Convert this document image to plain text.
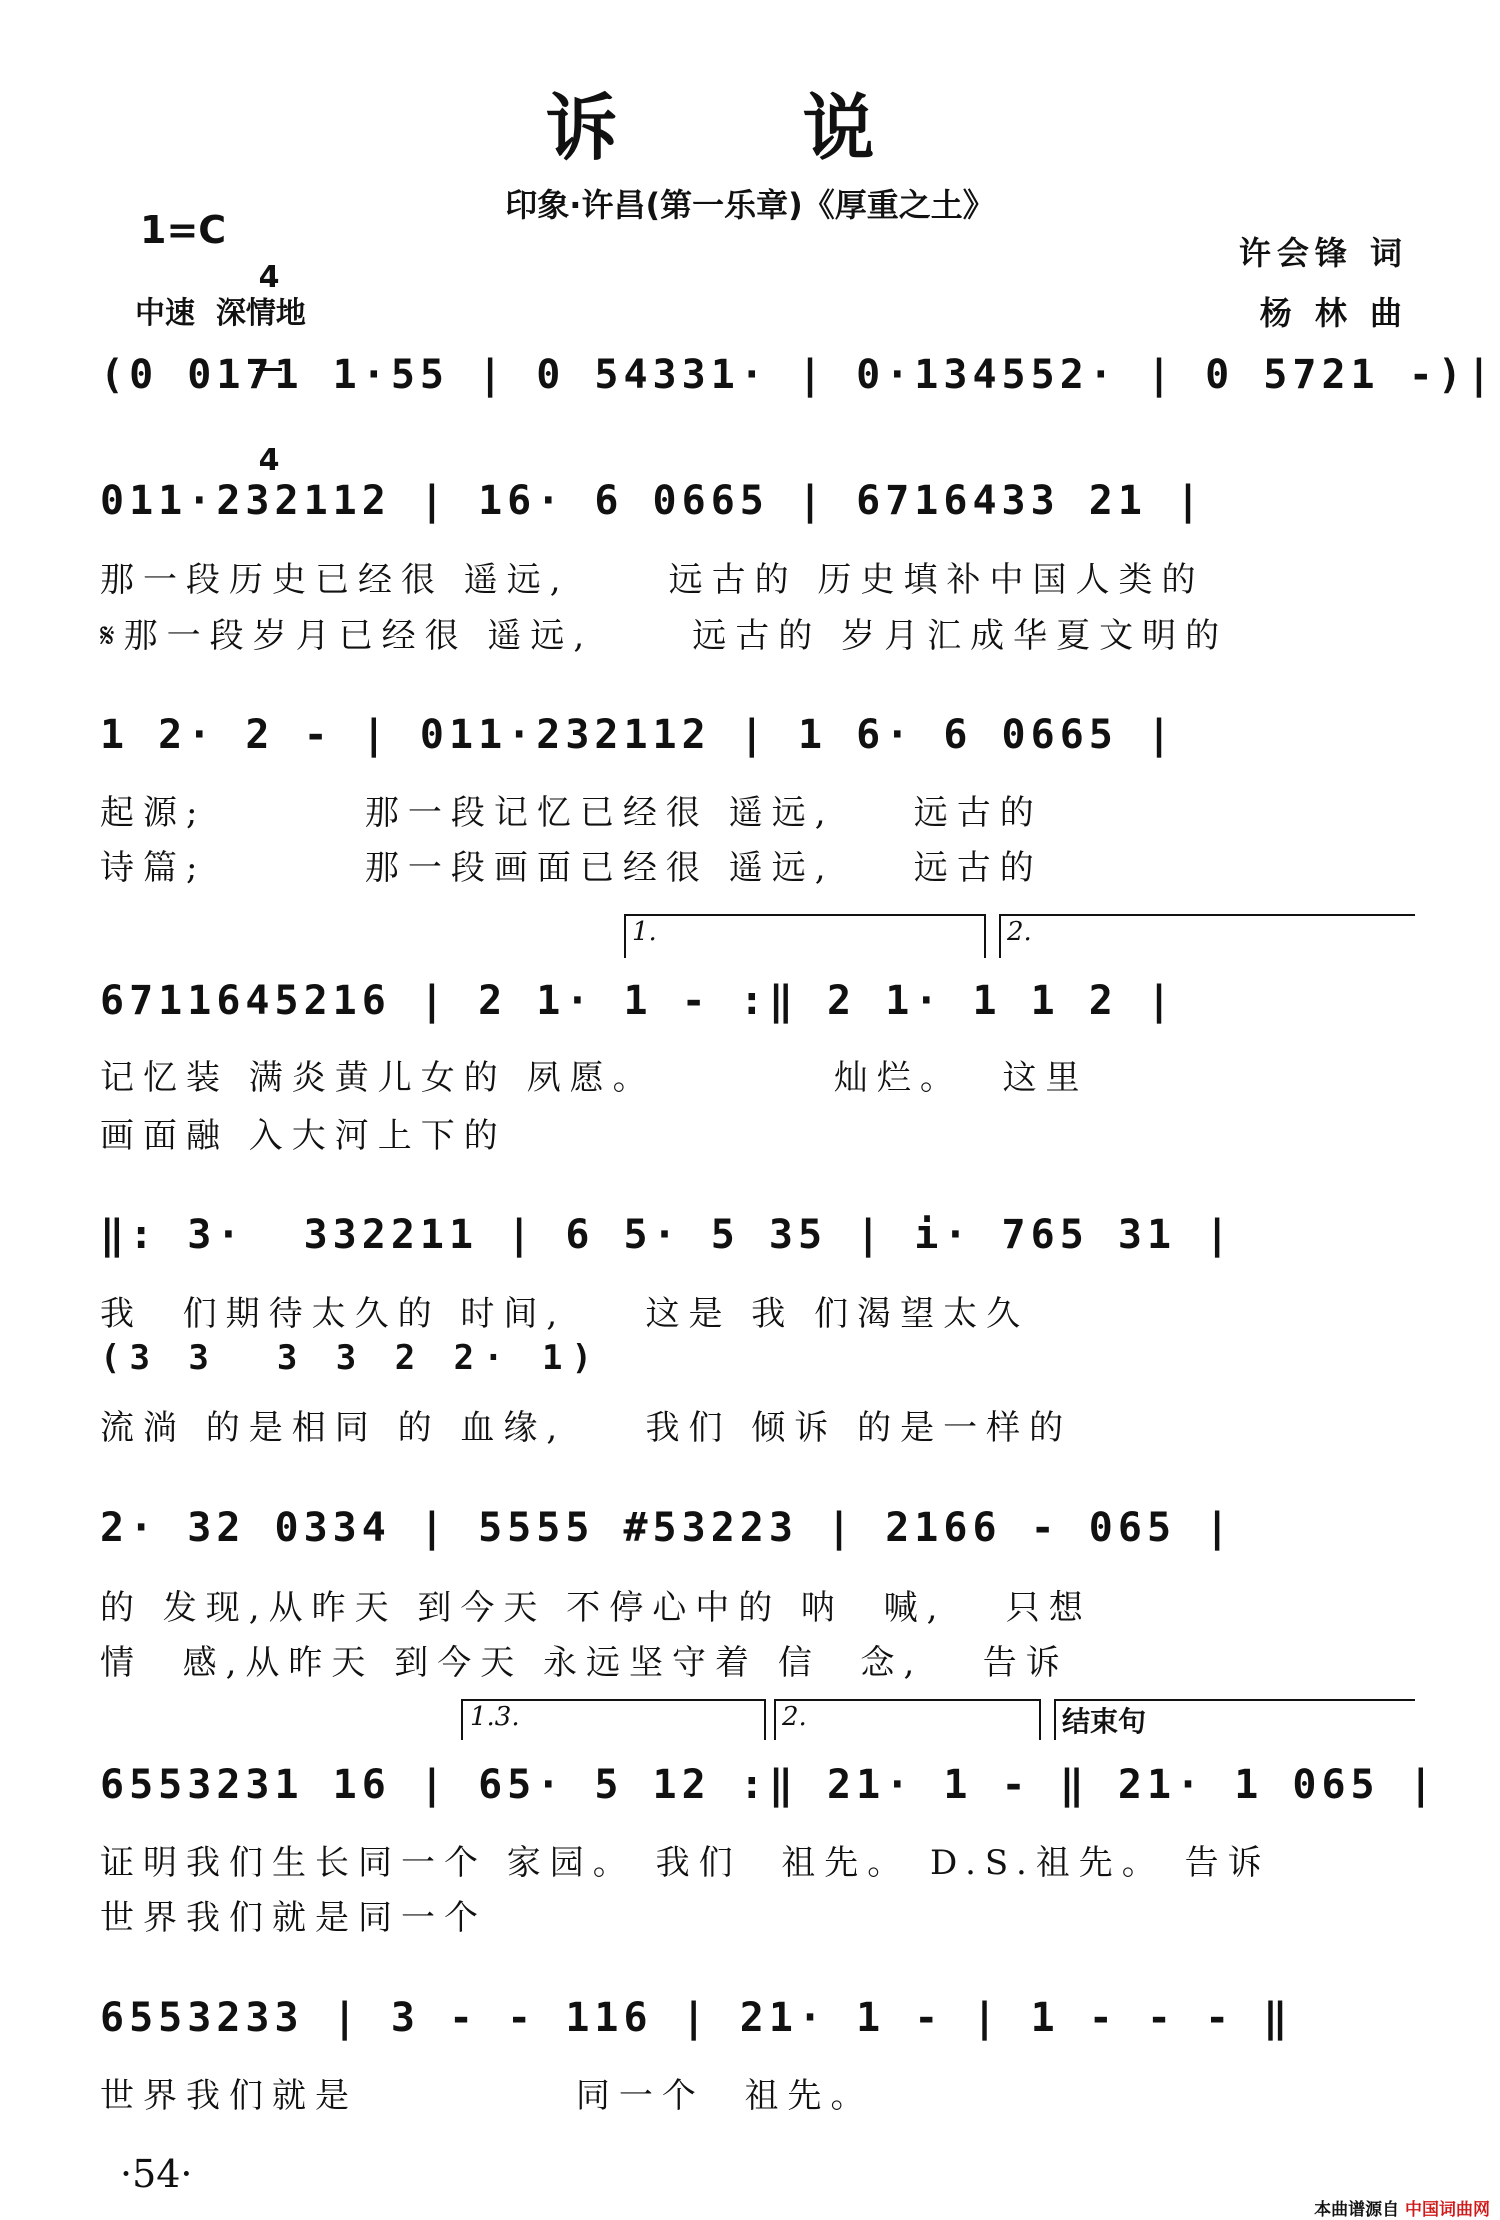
诉 说
印象·许昌(第一乐章)《厚重之土》
1=C

4

4

中速  深情地
许会锋 词
杨 林 曲
1.	2.
1.3.	2.	结束句
(0 0171 1·55 | 0 54331· | 0·134552· | 0 5721 -)|
011·232112 | 16· 6 0665 | 6716433 21 |
那一段历史已经很 遥远,     远古的 历史填补中国人类的
𝄋那一段岁月已经很 遥远,     远古的 岁月汇成华夏文明的
1 2· 2 - | 011·232112 | 1 6· 6 0665 |
起源;        那一段记忆已经很 遥远,    远古的
诗篇;        那一段画面已经很 遥远,    远古的
6711645216 | 2 1· 1 - :‖ 2 1· 1 1 2 |
记忆装 满炎黄儿女的 夙愿。         灿烂。  这里
画面融 入大河上下的
‖: 3·  332211 | 6 5· 5 35 | i· 765 31 |
我  们期待太久的 时间,    这是 我 们渴望太久
(3 3  3 3 2 2· 1)
流淌 的是相同 的 血缘,    我们 倾诉 的是一样的
2· 32 0334 | 5555 #53223 | 2166 - 065 |
的 发现,从昨天 到今天 不停心中的 呐  喊,   只想
情  感,从昨天 到今天 永远坚守着 信  念,   告诉
6553231 16 | 65· 5 12 :‖ 21· 1 - ‖ 21· 1 065 |
证明我们生长同一个 家园。 我们  祖先。 D.S.祖先。 告诉
世界我们就是同一个
6553233 | 3 - - 116 | 21· 1 - | 1 - - - ‖
世界我们就是           同一个  祖先。
·54·
本曲谱源自 中国词曲网
